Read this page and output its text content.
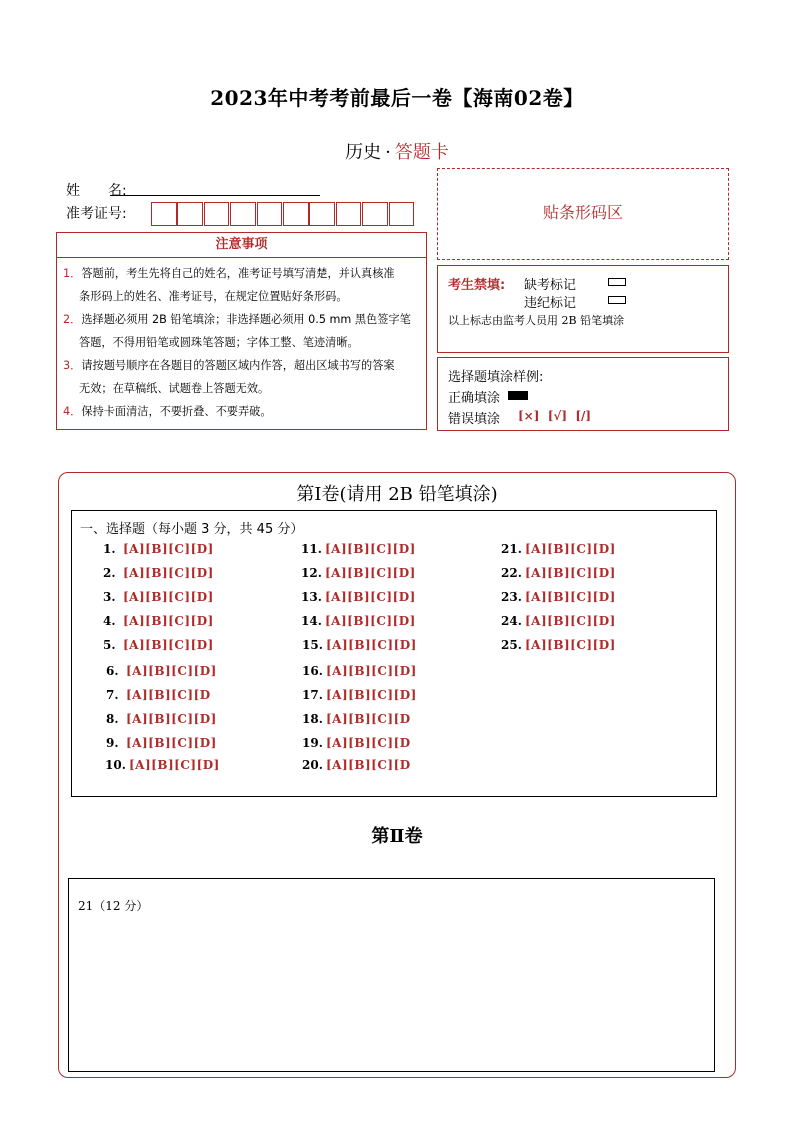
2023年中考考前最后一卷【海南02卷】
历史 · 答题卡
姓　　名:
准考证号:	贴条形码区
注意事项
1．答题前，考生先将自己的姓名，准考证号填写清楚，并认真核准
条形码上的姓名、准考证号，在规定位置贴好条形码。
2．选择题必须用 2B 铅笔填涂；非选择题必须用 0.5 mm 黑色签字笔
答题，不得用铅笔或圆珠笔答题；字体工整、笔迹清晰。
3．请按题号顺序在各题目的答题区域内作答，超出区域书写的答案
无效；在草稿纸、试题卷上答题无效。
4．保持卡面清洁，不要折叠、不要弄破。
考生禁填: 缺考标记
违纪标记
以上标志由监考人员用 2B 铅笔填涂
选择题填涂样例:
正确填涂
错误填涂 [×]  [√]  [/]
第Ⅰ卷(请用 2B 铅笔填涂)
一、选择题（每小题 3 分，共 45 分）
1. [A][B][C][D]
2. [A][B][C][D]
3. [A][B][C][D]
4. [A][B][C][D]
5. [A][B][C][D]
6. [A][B][C][D]
7. [A][B][C][D
8. [A][B][C][D]
9. [A][B][C][D]
10. [A][B][C][D]
11. [A][B][C][D]
12. [A][B][C][D]
13. [A][B][C][D]
14. [A][B][C][D]
15. [A][B][C][D]
16. [A][B][C][D]
17. [A][B][C][D]
18. [A][B][C][D
19. [A][B][C][D
20. [A][B][C][D
21. [A][B][C][D]
22. [A][B][C][D]
23. [A][B][C][D]
24. [A][B][C][D]
25. [A][B][C][D]
第Ⅱ卷
21（12 分）
